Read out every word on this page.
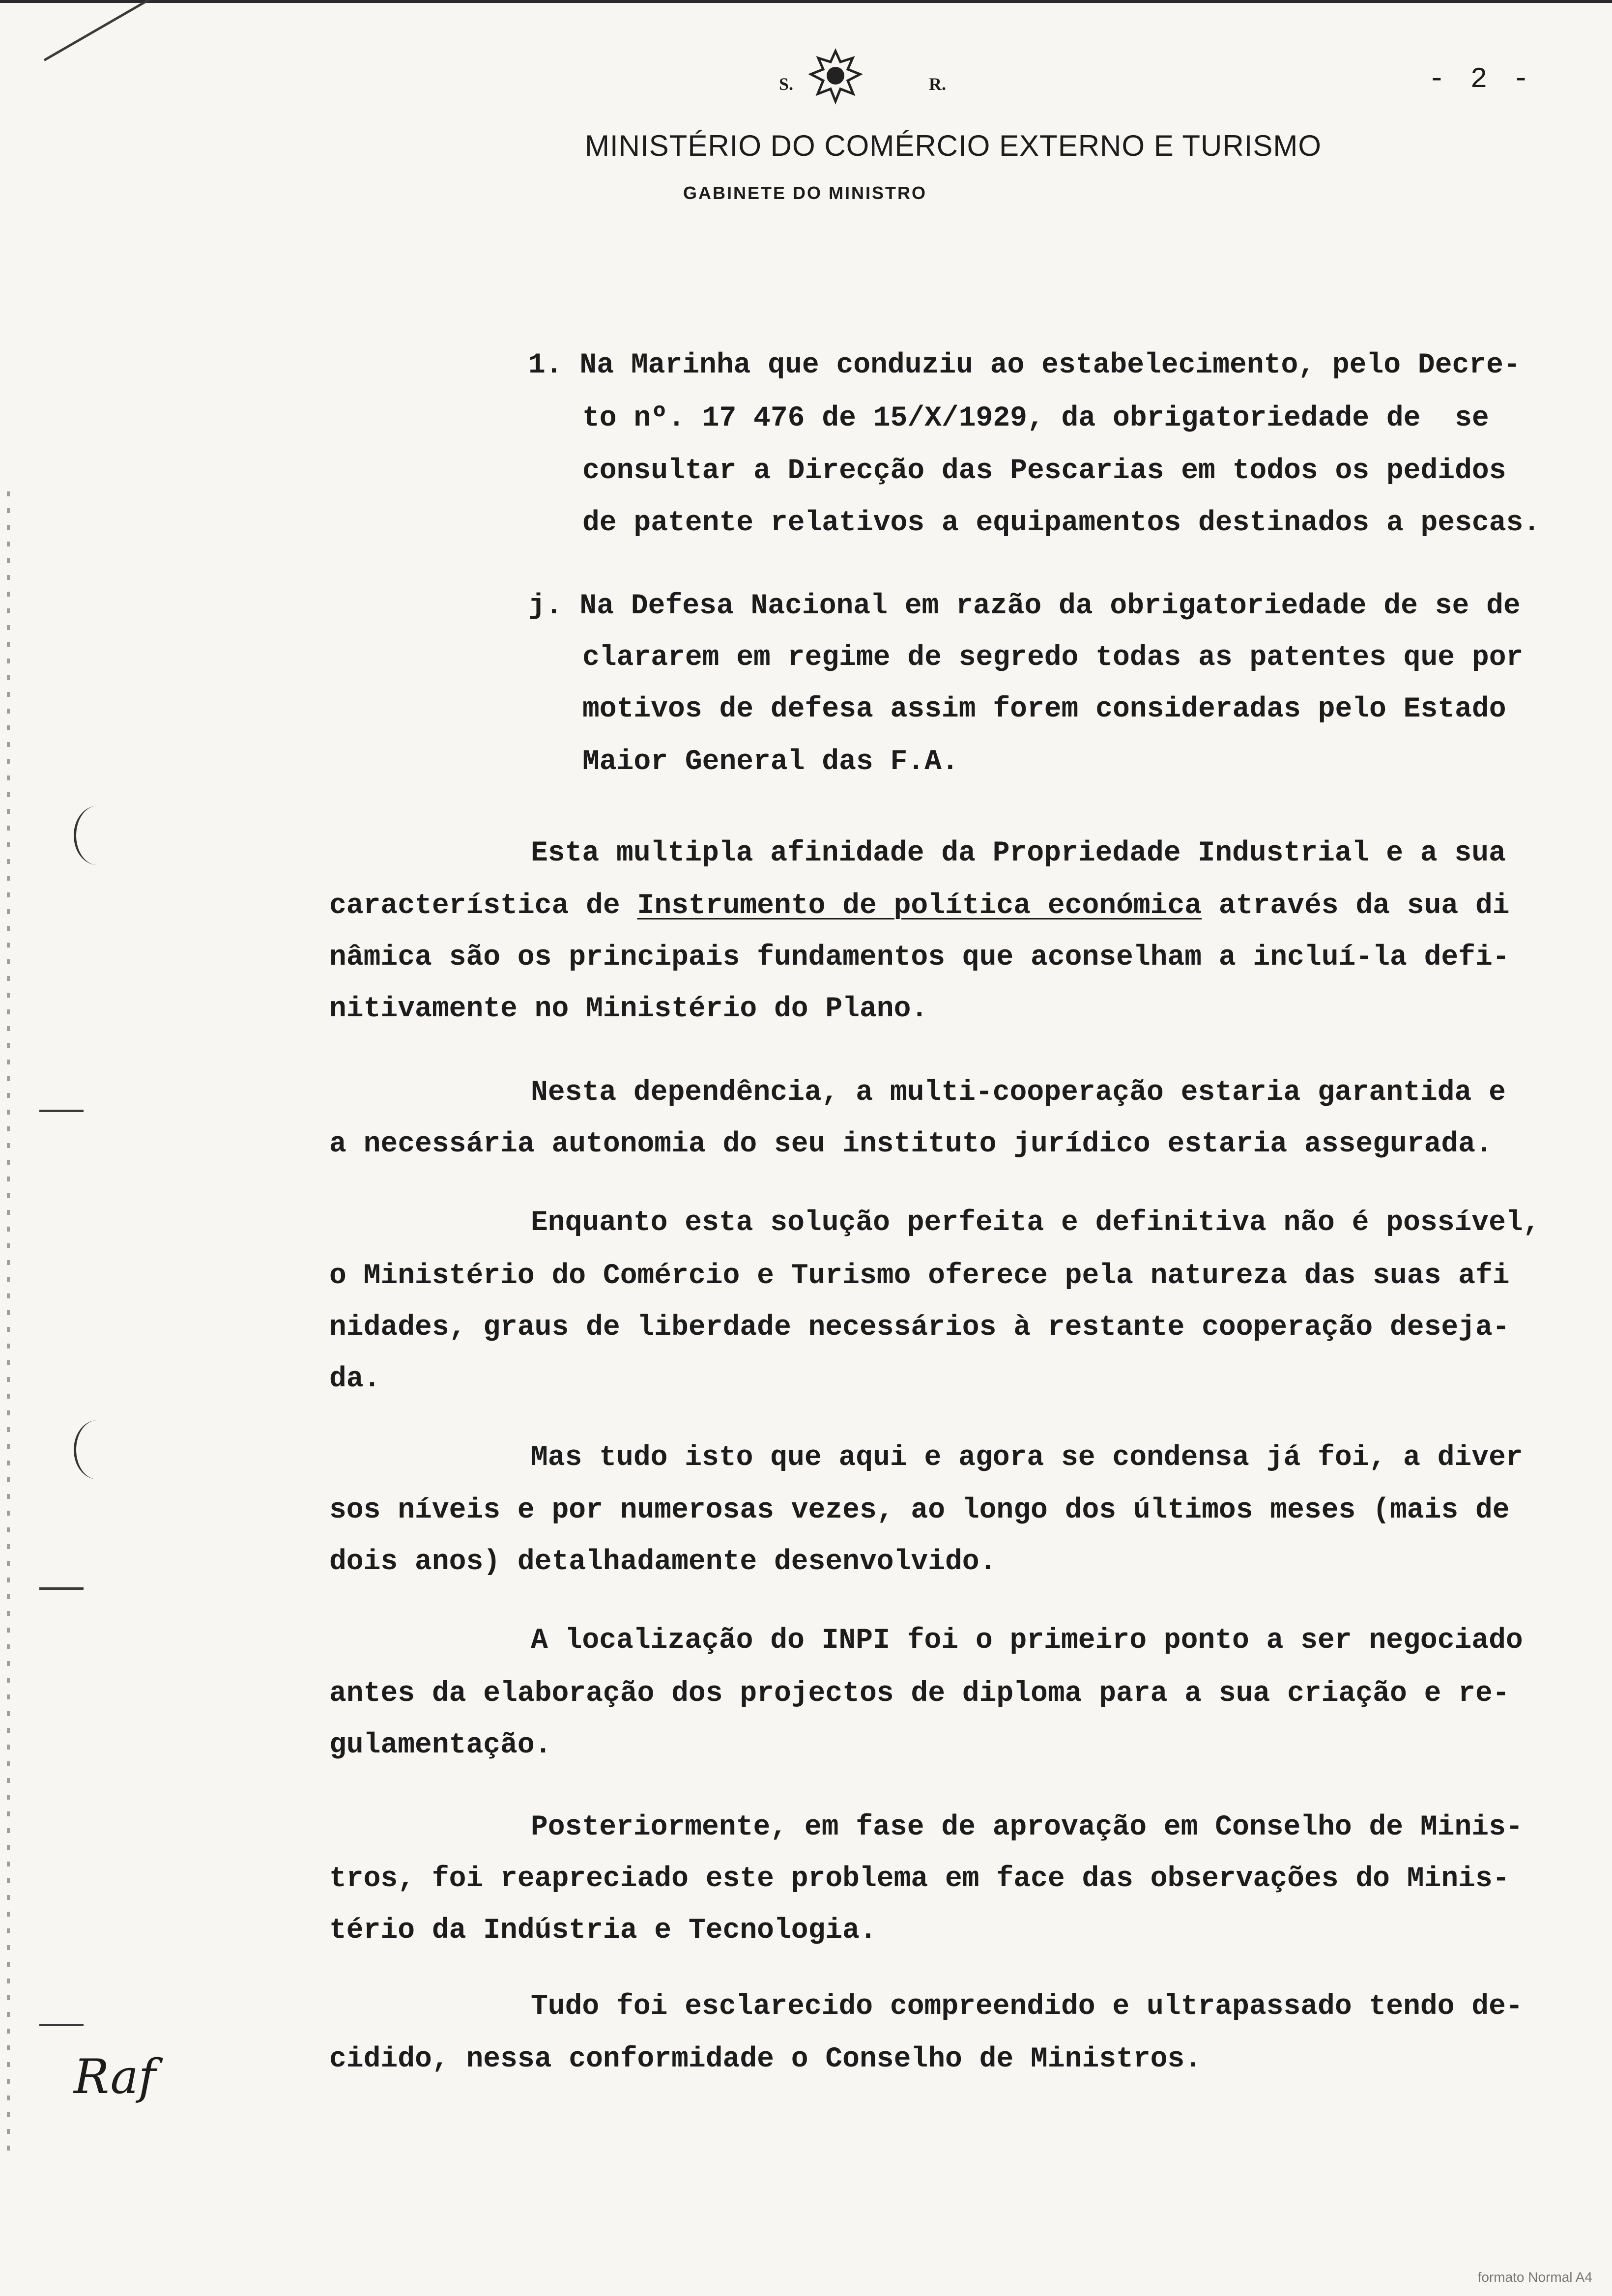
S.	R.	- 2 -
MINISTÉRIO DO COMÉRCIO EXTERNO E TURISMO
GABINETE DO MINISTRO
1. Na Marinha que conduziu ao estabelecimento, pelo Decre-
to nº. 17 476 de 15/X/1929, da obrigatoriedade de  se
consultar a Direcção das Pescarias em todos os pedidos
de patente relativos a equipamentos destinados a pescas.
j. Na Defesa Nacional em razão da obrigatoriedade de se de
clararem em regime de segredo todas as patentes que por
motivos de defesa assim forem consideradas pelo Estado
Maior General das F.A.
Esta multipla afinidade da Propriedade Industrial e a sua
característica de Instrumento de política económica através da sua di
nâmica são os principais fundamentos que aconselham a incluí-la defi-
nitivamente no Ministério do Plano.
Nesta dependência, a multi-cooperação estaria garantida e
a necessária autonomia do seu instituto jurídico estaria assegurada.
Enquanto esta solução perfeita e definitiva não é possível,
o Ministério do Comércio e Turismo oferece pela natureza das suas afi
nidades, graus de liberdade necessários à restante cooperação deseja-
da.
Mas tudo isto que aqui e agora se condensa já foi, a diver
sos níveis e por numerosas vezes, ao longo dos últimos meses (mais de
dois anos) detalhadamente desenvolvido.
A localização do INPI foi o primeiro ponto a ser negociado
antes da elaboração dos projectos de diploma para a sua criação e re-
gulamentação.
Posteriormente, em fase de aprovação em Conselho de Minis-
tros, foi reapreciado este problema em face das observações do Minis-
tério da Indústria e Tecnologia.
Tudo foi esclarecido compreendido e ultrapassado tendo de-
cidido, nessa conformidade o Conselho de Ministros.
Raf
formato Normal A4
